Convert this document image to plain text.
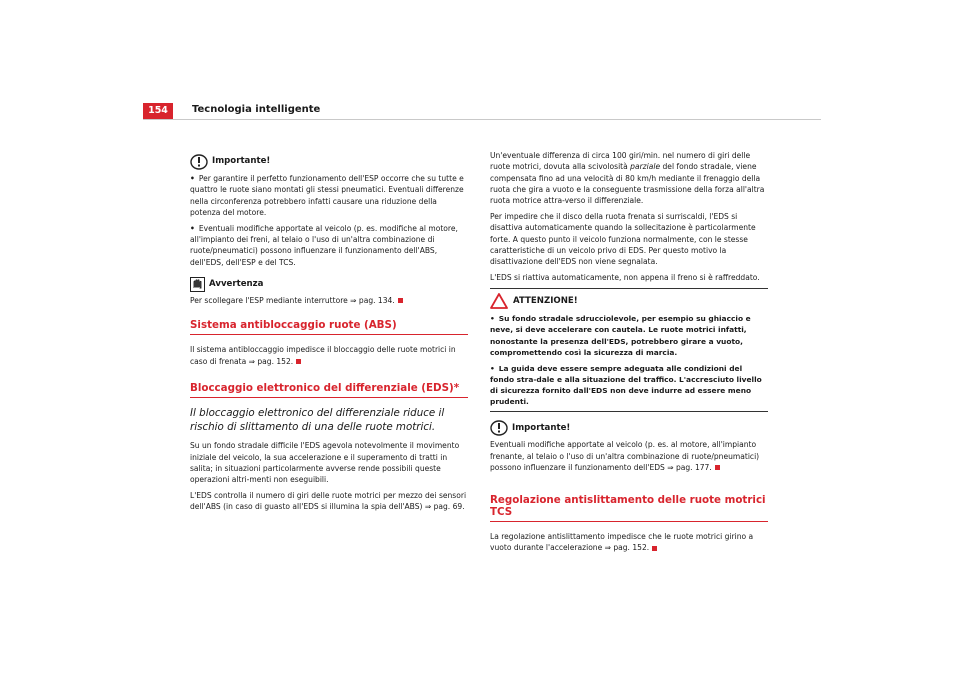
154	Tecnologia intelligente
Importante!

• Per garantire il perfetto funzionamento dell'ESP occorre che su tutte e quattro le ruote siano montati gli stessi pneumatici. Eventuali differenze nella circonferenza potrebbero infatti causare una riduzione della potenza del motore.

• Eventuali modifiche apportate al veicolo (p. es. modifiche al motore, all'impianto dei freni, al telaio o l'uso di un'altra combinazione di ruote/pneumatici) possono influenzare il funzionamento dell'ABS, dell'EDS, dell'ESP e del TCS.

Avvertenza

Per scollegare l'ESP mediante interruttore ⇒ pag. 134.

Sistema antibloccaggio ruote (ABS)

Il sistema antibloccaggio impedisce il bloccaggio delle ruote motrici in caso di frenata ⇒ pag. 152.

Bloccaggio elettronico del differenziale (EDS)*
Il bloccaggio elettronico del differenziale riduce il rischio di slittamento di una delle ruote motrici.

Su un fondo stradale difficile l'EDS agevola notevolmente il movimento iniziale del veicolo, la sua accelerazione e il superamento di tratti in salita; in situazioni particolarmente avverse rende possibili queste operazioni altri-menti non eseguibili.

L'EDS controlla il numero di giri delle ruote motrici per mezzo dei sensori dell'ABS (in caso di guasto all'EDS si illumina la spia dell'ABS) ⇒ pag. 69.

Un'eventuale differenza di circa 100 giri/min. nel numero di giri delle ruote motrici, dovuta alla scivolosità parziale del fondo stradale, viene compensata fino ad una velocità di 80 km/h mediante il frenaggio della ruota che gira a vuoto e la conseguente trasmissione della forza all'altra ruota motrice attra-verso il differenziale.

Per impedire che il disco della ruota frenata si surriscaldi, l'EDS si disattiva automaticamente quando la sollecitazione è particolarmente forte. A questo punto il veicolo funziona normalmente, con le stesse caratteristiche di un veicolo privo di EDS. Per questo motivo la disattivazione dell'EDS non viene segnalata.

L'EDS si riattiva automaticamente, non appena il freno si è raffreddato.

ATTENZIONE!

• Su fondo stradale sdrucciolevole, per esempio su ghiaccio e neve, si deve accelerare con cautela. Le ruote motrici infatti, nonostante la presenza dell'EDS, potrebbero girare a vuoto, compromettendo così la sicurezza di marcia.

• La guida deve essere sempre adeguata alle condizioni del fondo stra-dale e alla situazione del traffico. L'accresciuto livello di sicurezza fornito dall'EDS non deve indurre ad essere meno prudenti.

Importante!

Eventuali modifiche apportate al veicolo (p. es. al motore, all'impianto frenante, al telaio o l'uso di un'altra combinazione di ruote/pneumatici) possono influenzare il funzionamento dell'EDS ⇒ pag. 177.

Regolazione antislittamento delle ruote motrici TCS

La regolazione antislittamento impedisce che le ruote motrici girino a vuoto durante l'accelerazione ⇒ pag. 152.
